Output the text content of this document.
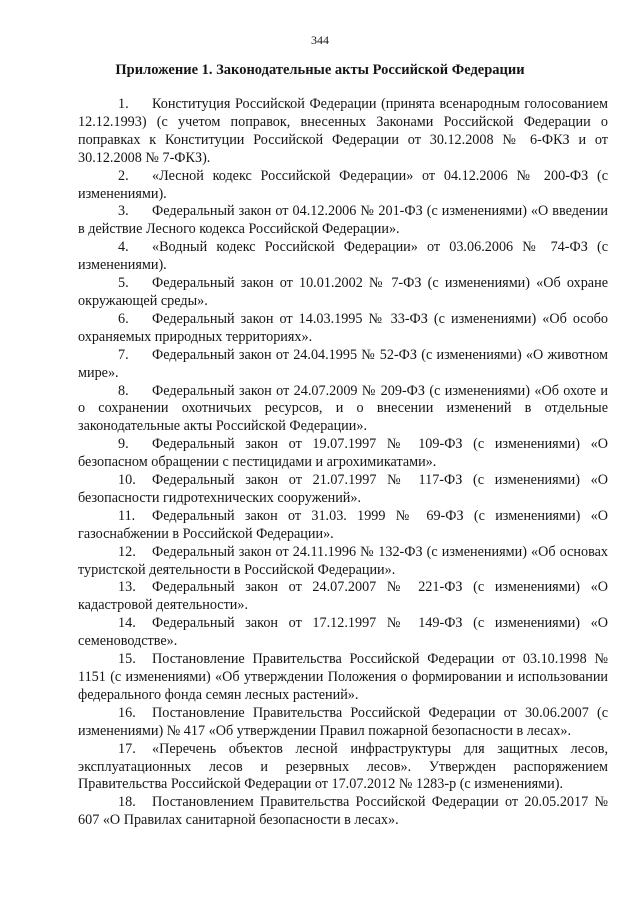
344
Приложение 1. Законодательные акты Российской Федерации

1. Конституция Российской Федерации (принята всенародным голосованием 12.12.1993) (с учетом поправок, внесенных Законами Российской Федерации о поправках к Конституции Российской Федерации от 30.12.2008 № 6-ФКЗ и от 30.12.2008 № 7-ФКЗ).

2. «Лесной кодекс Российской Федерации» от 04.12.2006 № 200-ФЗ (с изменениями).

3. Федеральный закон от 04.12.2006 № 201-ФЗ (с изменениями) «О введении в действие Лесного кодекса Российской Федерации».

4. «Водный кодекс Российской Федерации» от 03.06.2006 № 74-ФЗ (с изменениями).

5. Федеральный закон от 10.01.2002 № 7-ФЗ (с изменениями) «Об охране окружающей среды».

6. Федеральный закон от 14.03.1995 № 33-ФЗ (с изменениями) «Об особо охраняемых природных территориях».

7. Федеральный закон от 24.04.1995 № 52-ФЗ (с изменениями) «О животном мире».

8. Федеральный закон от 24.07.2009 № 209-ФЗ (с изменениями) «Об охоте и о сохранении охотничьих ресурсов, и о внесении изменений в отдельные законодательные акты Российской Федерации».

9. Федеральный закон от 19.07.1997 № 109-ФЗ (с изменениями) «О безопасном обращении с пестицидами и агрохимикатами».

10. Федеральный закон от 21.07.1997 № 117-ФЗ (с изменениями) «О безопасности гидротехнических сооружений».

11. Федеральный закон от 31.03. 1999 № 69-ФЗ (с изменениями) «О газоснабжении в Российской Федерации».

12. Федеральный закон от 24.11.1996 № 132-ФЗ (с изменениями) «Об основах туристской деятельности в Российской Федерации».

13. Федеральный закон от 24.07.2007 № 221-ФЗ (с изменениями) «О кадастровой деятельности».

14. Федеральный закон от 17.12.1997 № 149-ФЗ (с изменениями) «О семеноводстве».

15. Постановление Правительства Российской Федерации от 03.10.1998 № 1151 (с изменениями) «Об утверждении Положения о формировании и использовании федерального фонда семян лесных растений».

16. Постановление Правительства Российской Федерации от 30.06.2007 (с изменениями) № 417 «Об утверждении Правил пожарной безопасности в лесах».

17. «Перечень объектов лесной инфраструктуры для защитных лесов, эксплуатационных лесов и резервных лесов». Утвержден распоряжением Правительства Российской Федерации от 17.07.2012 № 1283-р (с изменениями).

18. Постановлением Правительства Российской Федерации от 20.05.2017 № 607 «О Правилах санитарной безопасности в лесах».
